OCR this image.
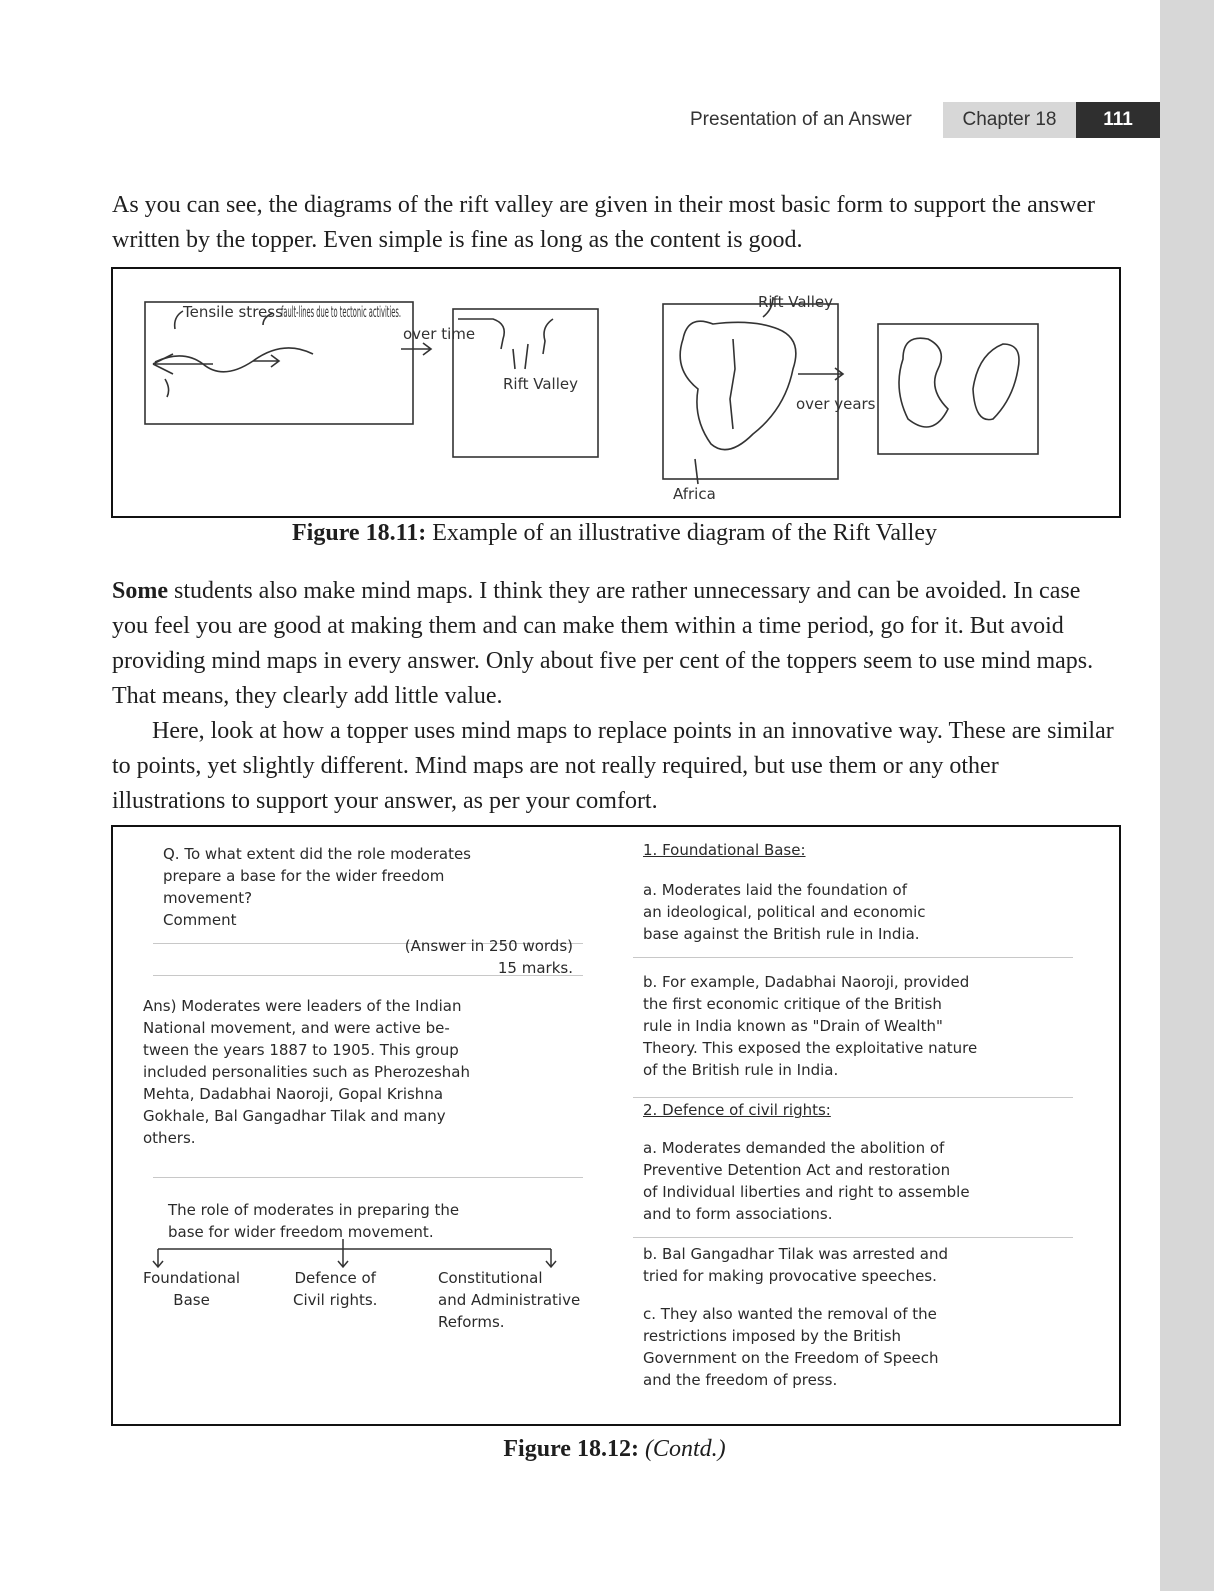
Presentation of an Answer	Chapter 18	111

As you can see, the diagrams of the rift valley are given in their most basic form to support the answer written by the topper. Even simple is fine as long as the content is good.

Tensile stress
fault-lines due to tectonic activities.
over time
Rift Valley
Rift Valley
over years
Africa
Figure 18.11: Example of an illustrative diagram of the Rift Valley

Some students also make mind maps. I think they are rather unnecessary and can be avoided. In case you feel you are good at making them and can make them within a time period, go for it. But avoid providing mind maps in every answer. Only about five per cent of the toppers seem to use mind maps. That means, they clearly add little value.

Here, look at how a topper uses mind maps to replace points in an innovative way. These are similar to points, yet slightly different. Mind maps are not really required, but use them or any other illustrations to support your answer, as per your comfort.

Q. To what extent did the role moderates
prepare a base for the wider freedom
movement?
Comment
(Answer in 250 words)
15 marks.
Ans) Moderates were leaders of the Indian
National movement, and were active be-
tween the years 1887 to 1905. This group
included personalities such as Pherozeshah
Mehta, Dadabhai Naoroji, Gopal Krishna
Gokhale, Bal Gangadhar Tilak and many
others.
The role of moderates in preparing the
base for wider freedom movement.
Foundational
Base
Defence of
Civil rights.
Constitutional
and Administrative
Reforms.
1. Foundational Base:
a. Moderates laid the foundation of
an ideological, political and economic
base against the British rule in India.
b. For example, Dadabhai Naoroji, provided
the first economic critique of the British
rule in India known as "Drain of Wealth"
Theory. This exposed the exploitative nature
of the British rule in India.
2. Defence of civil rights:
a. Moderates demanded the abolition of
Preventive Detention Act and restoration
of Individual liberties and right to assemble
and to form associations.
b. Bal Gangadhar Tilak was arrested and
tried for making provocative speeches.
c. They also wanted the removal of the
restrictions imposed by the British
Government on the Freedom of Speech
and the freedom of press.
Figure 18.12: (Contd.)
